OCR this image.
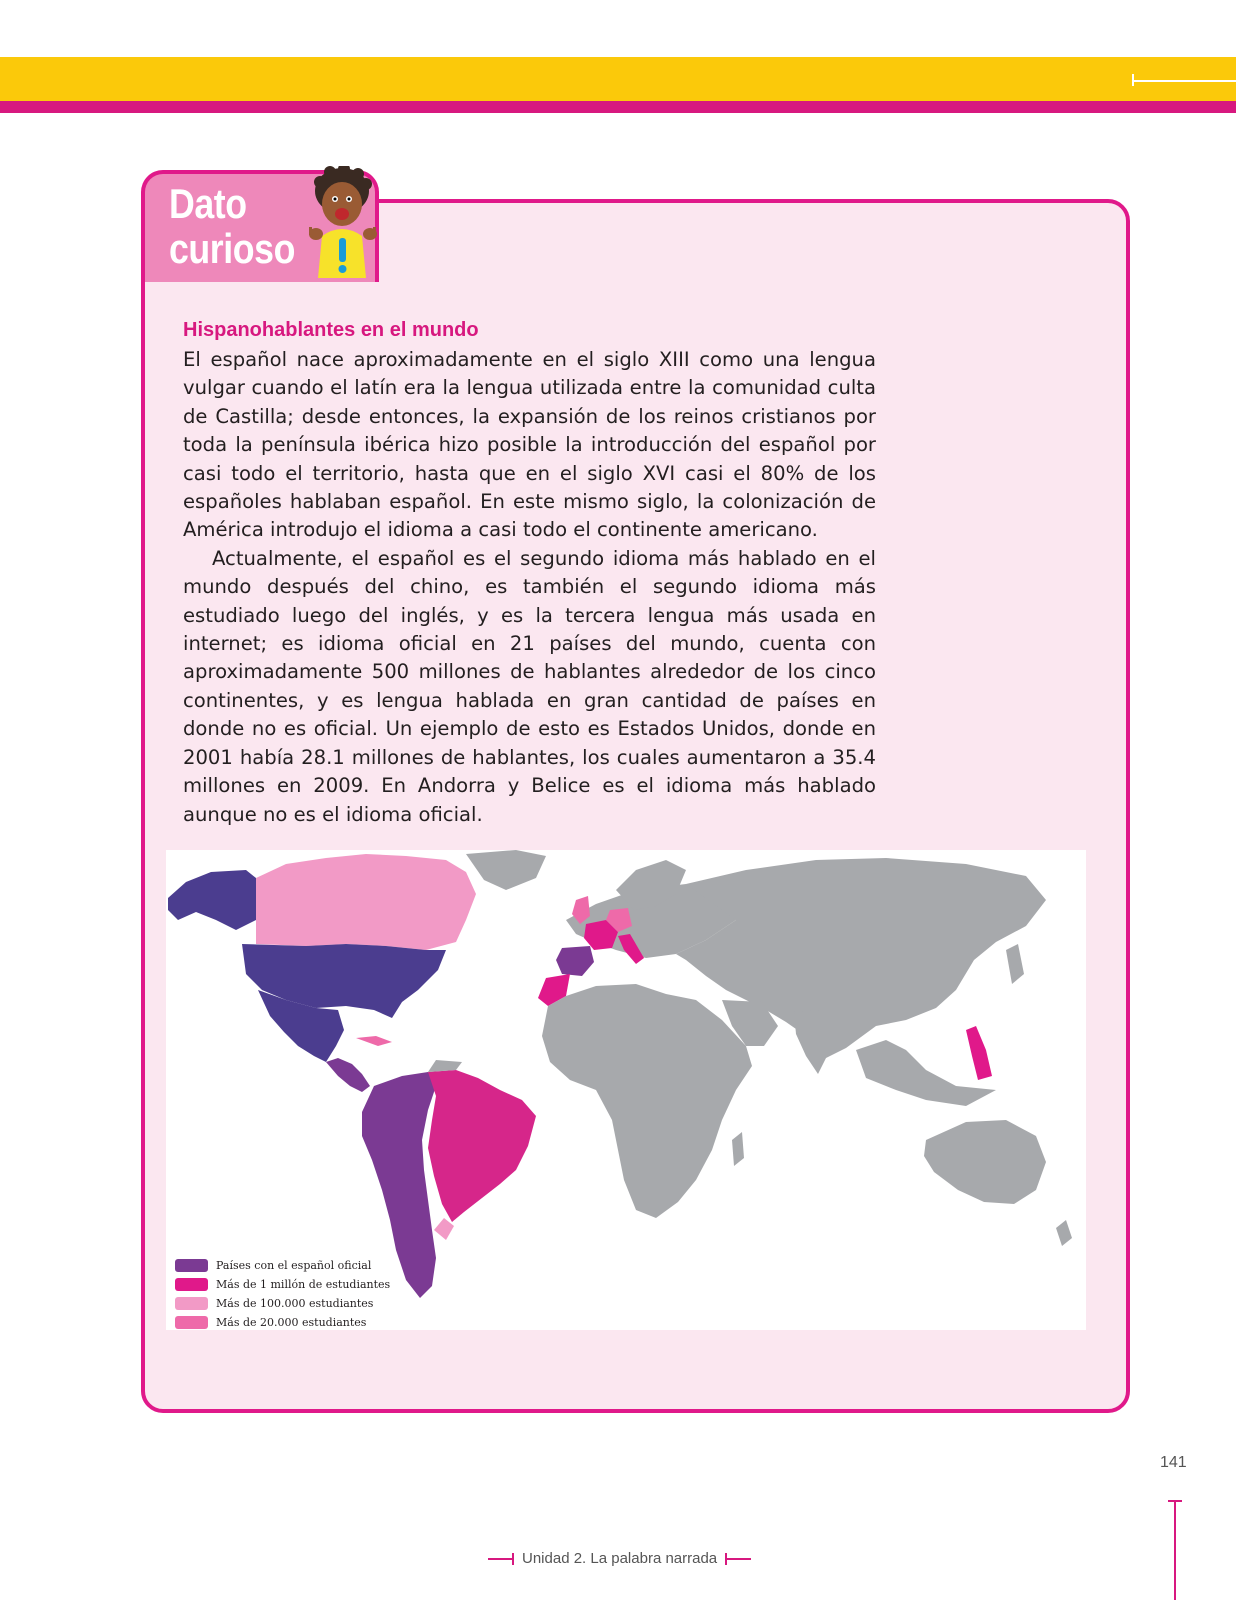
Dato
curioso
Hispanohablantes en el mundo

El español nace aproximadamente en el siglo XIII como una lengua vulgar cuando el latín era la lengua utilizada entre la comunidad culta de Castilla; desde entonces, la expansión de los reinos cristianos por toda la península ibérica hizo posible la introducción del español por casi todo el territorio, hasta que en el siglo XVI casi el 80% de los españoles hablaban español. En este mismo siglo, la colonización de América introdujo el idioma a casi todo el continente americano.

Actualmente, el español es el segundo idioma más hablado en el mundo después del chino, es también el segundo idioma más estudiado luego del inglés, y es la tercera lengua más usada en internet; es idioma oficial en 21 países del mundo, cuenta con aproximadamente 500 millones de hablantes alrededor de los cinco continentes, y es lengua hablada en gran cantidad de países en donde no es oficial. Un ejemplo de esto es Estados Unidos, donde en 2001 había 28.1 millones de hablantes, los cuales aumentaron a 35.4 millones en 2009. En Andorra y Belice es el idioma más hablado aunque no es el idioma oficial.

Países con el español oficial
Más de 1 millón de estudiantes
Más de 100.000 estudiantes
Más de 20.000 estudiantes
141
Unidad 2. La palabra narrada
